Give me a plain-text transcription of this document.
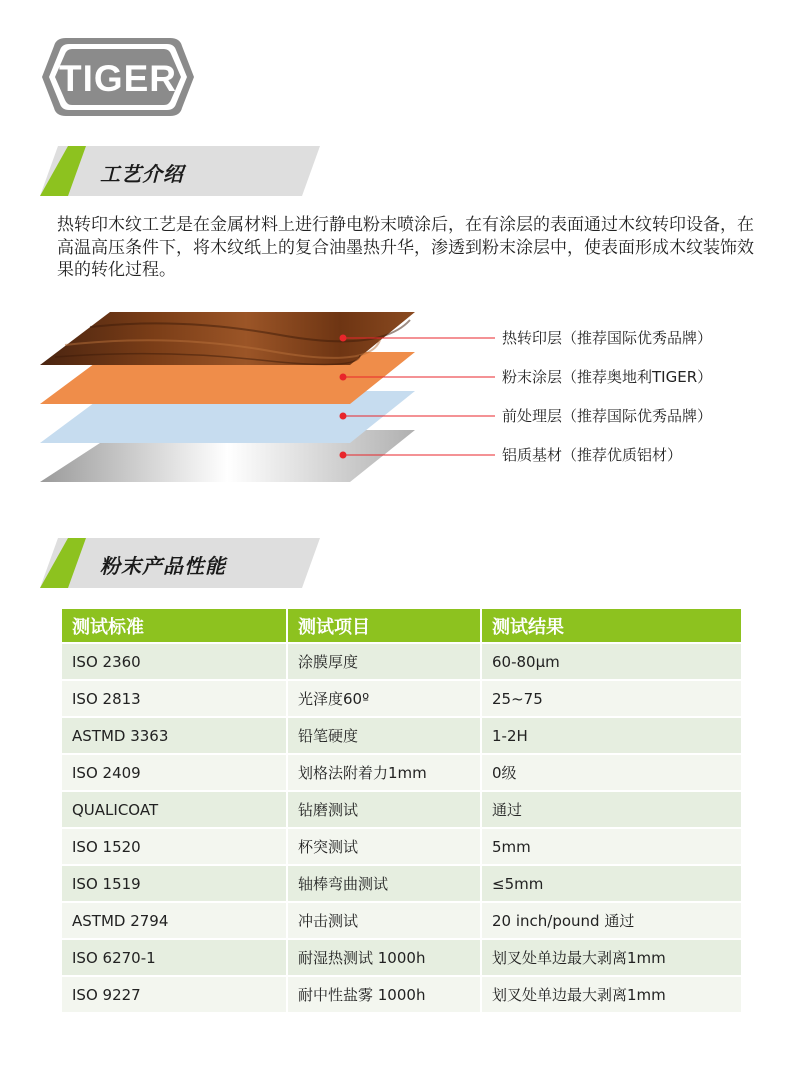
TIGER
工艺介绍
热转印木纹工艺是在金属材料上进行静电粉末喷涂后，在有涂层的表面通过木纹转印设备，在高温高压条件下，将木纹纸上的复合油墨热升华，渗透到粉末涂层中，使表面形成木纹装饰效果的转化过程。
热转印层（推荐国际优秀品牌）
粉末涂层（推荐奥地利TIGER）
前处理层（推荐国际优秀品牌）
铝质基材（推荐优质铝材）
粉末产品性能
测试标准	测试项目	测试结果
ISO 2360	涂膜厚度	60-80μm
ISO 2813	光泽度60º	25~75
ASTMD 3363	铅笔硬度	1-2H
ISO 2409	划格法附着力1mm	0级
QUALICOAT	钻磨测试	通过
ISO 1520	杯突测试	5mm
ISO 1519	轴棒弯曲测试	≤5mm
ASTMD 2794	冲击测试	20 inch/pound 通过
ISO 6270-1	耐湿热测试 1000h	划叉处单边最大剥离1mm
ISO 9227	耐中性盐雾 1000h	划叉处单边最大剥离1mm
